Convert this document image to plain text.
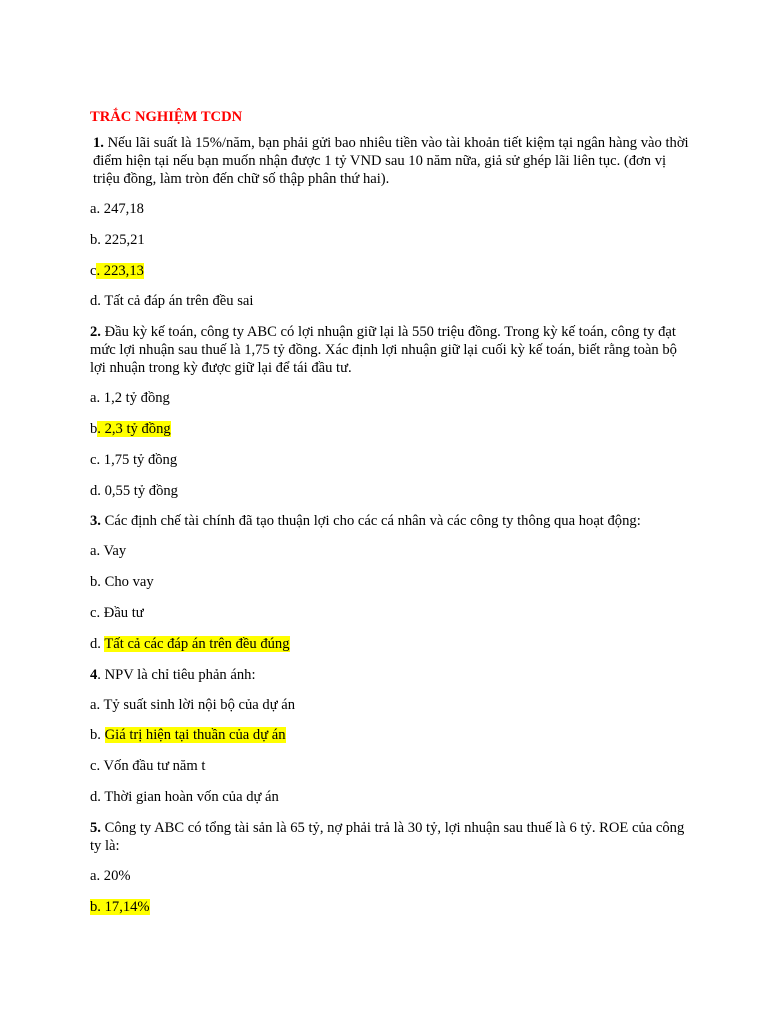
TRẮC NGHIỆM TCDN
1. Nếu lãi suất là 15%/năm, bạn phải gửi bao nhiêu tiền vào tài khoản tiết kiệm tại ngân hàng vào thời điểm hiện tại nếu bạn muốn nhận được 1 tỷ VND sau 10 năm nữa, giả sử ghép lãi liên tục. (đơn vị triệu đồng, làm tròn đến chữ số thập phân thứ hai).
a. 247,18
b. 225,21
c. 223,13
d. Tất cả đáp án trên đều sai
2. Đầu kỳ kế toán, công ty ABC có lợi nhuận giữ lại là 550 triệu đồng. Trong kỳ kế toán, công ty đạt mức lợi nhuận sau thuế là 1,75 tỷ đồng. Xác định lợi nhuận giữ lại cuối kỳ kế toán, biết rằng toàn bộ lợi nhuận trong kỳ được giữ lại để tái đầu tư.
a. 1,2 tỷ đồng
b. 2,3 tỷ đồng
c. 1,75 tỷ đồng
d. 0,55 tỷ đồng
3. Các định chế tài chính đã tạo thuận lợi cho các cá nhân và các công ty thông qua hoạt động:
a. Vay
b. Cho vay
c. Đầu tư
d. Tất cả các đáp án trên đều đúng
4. NPV là chỉ tiêu phản ánh:
a. Tỷ suất sinh lời nội bộ của dự án
b. Giá trị hiện tại thuần của dự án
c. Vốn đầu tư năm t
d. Thời gian hoàn vốn của dự án
5. Công ty ABC có tổng tài sản là 65 tỷ, nợ phải trả là 30 tỷ, lợi nhuận sau thuế là 6 tỷ. ROE của công ty là:
a. 20%
b. 17,14%
